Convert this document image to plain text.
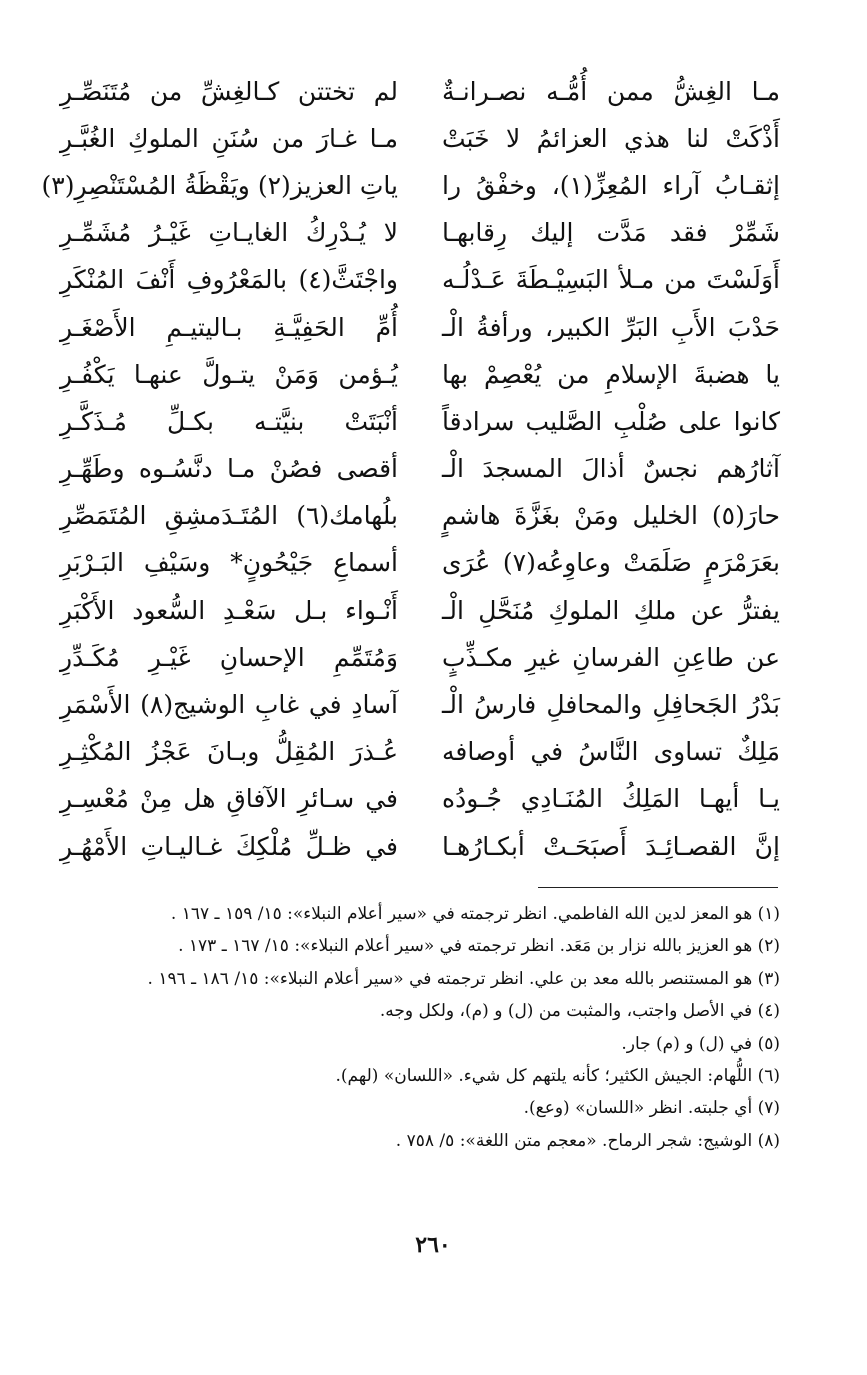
مـا الغِشُّ ممن أُمُّـه نصـرانـةٌ
لم تختتن كـالغِشِّ من مُتَنَصِّـرِ
أَذْكَتْ لنا هذي العزائمُ لا خَبَتْ
مـا غـارَ من سُنَنِ الملوكِ الغُبَّـرِ
إثقـابُ آراء المُعِزِّ(١)، وخفْقُ را
ياتِ العزيز(٢) ويَقْظَةُ المُسْتَنْصِرِ(٣)
شَمِّرْ فقد مَدَّت إليك رِقابهـا
لا يُـدْرِكُ الغايـاتِ غَيْـرُ مُشَمِّـرِ
أَوَلَسْتَ من مـلأ البَسِيْـطَةَ عَـدْلُـه
واجْتَثَّ(٤) بالمَعْرُوفِ أَنْفَ المُنْكَرِ
حَدْبَ الأَبِ البَرِّ الكبير، ورأفةُ الْـ
أُمِّ الحَفِيَّـةِ بـاليتيـمِ الأَصْغَـرِ
يا هضبةَ الإسلامِ من يُعْصِمْ بها
يُـؤمن وَمَنْ يتـولَّ عنهـا يَكْفُـرِ
كانوا على صُلْبِ الصَّليب سرادقاً
أنْبَتَتْ بنيَّتـه بكـلِّ مُـذَكَّـرِ
آثارُهم نجسٌ أذالَ المسجدَ الْـ
أقصى فصُنْ مـا دنَّسُـوه وطَهِّـرِ
حارَ(٥) الخليل ومَنْ بغَزَّةَ هاشمٍ
بلُهامك(٦) المُتَـدَمشِقِ المُتَمَصِّرِ
بعَرَمْرَمٍ صَلَمَتْ وعاوِعُه(٧) عُرَى
أسماعِ جَيْحُونٍ* وسَيْفِ البَـرْبَرِ
يفترُّ عن ملكِ الملوكِ مُنَحَّلِ الْـ
أَنْـواء بـل سَعْـدِ السُّعود الأَكْبَرِ
عن طاعِنِ الفرسانِ غيرِ مكـذِّبٍ
وَمُتَمِّمِ الإحسانِ غَيْـرِ مُكَـدِّرِ
بَدْرُ الجَحافِلِ والمحافلِ فارسُ الْـ
آسادِ في غابِ الوشيج(٨) الأَسْمَرِ
مَلِكٌ تساوى النَّاسُ في أوصافه
عُـذرَ المُقِلُّ وبـانَ عَجْزُ المُكْثِـرِ
يـا أيهـا المَلِكُ المُنَـادِي جُـودُه
في سـائرِ الآفاقِ هل مِنْ مُعْسِـرِ
إنَّ القصـائِـدَ أَصبَحَـتْ أبكـارُهـا
في ظـلِّ مُلْكِكَ غـاليـاتِ الأَمْهُـرِ
(١) هو المعز لدين الله الفاطمي. انظر ترجمته في «سير أعلام النبلاء»: ١٥/ ١٥٩ ـ ١٦٧ .
(٢) هو العزيز بالله نزار بن مَعَد. انظر ترجمته في «سير أعلام النبلاء»: ١٥/ ١٦٧ ـ ١٧٣ .
(٣) هو المستنصر بالله معد بن علي. انظر ترجمته في «سير أعلام النبلاء»: ١٥/ ١٨٦ ـ ١٩٦ .
(٤) في الأصل واجتب، والمثبت من (ل) و (م)، ولكل وجه.
(٥) في (ل) و (م) جار.
(٦) اللُّهام: الجيش الكثير؛ كأنه يلتهم كل شيء. «اللسان» (لهم).
(٧) أي جلبته. انظر «اللسان» (وعع).
(٨) الوشيج: شجر الرماح. «معجم متن اللغة»: ٥/ ٧٥٨ .
٢٦٠
